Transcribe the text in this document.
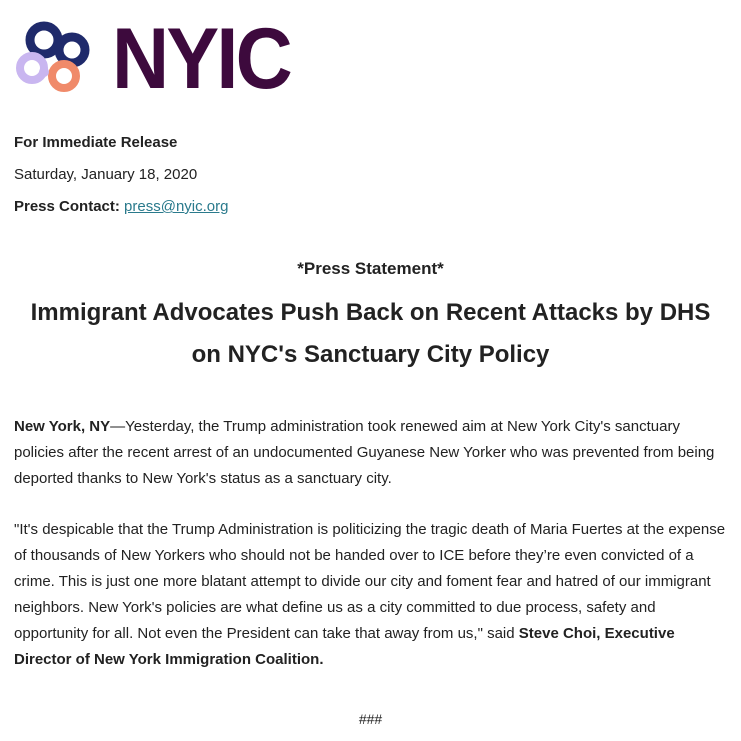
NYIC
For Immediate Release
Saturday, January 18, 2020
Press Contact: press@nyic.org
*Press Statement*
Immigrant Advocates Push Back on Recent Attacks by DHS on NYC's Sanctuary City Policy
New York, NY—Yesterday, the Trump administration took renewed aim at New York City's sanctuary policies after the recent arrest of an undocumented Guyanese New Yorker who was prevented from being deported thanks to New York's status as a sanctuary city.
"It's despicable that the Trump Administration is politicizing the tragic death of Maria Fuertes at the expense of thousands of New Yorkers who should not be handed over to ICE before they’re even convicted of a crime. This is just one more blatant attempt to divide our city and foment fear and hatred of our immigrant neighbors. New York's policies are what define us as a city committed to due process, safety and opportunity for all. Not even the President can take that away from us," said Steve Choi, Executive Director of New York Immigration Coalition.
###
